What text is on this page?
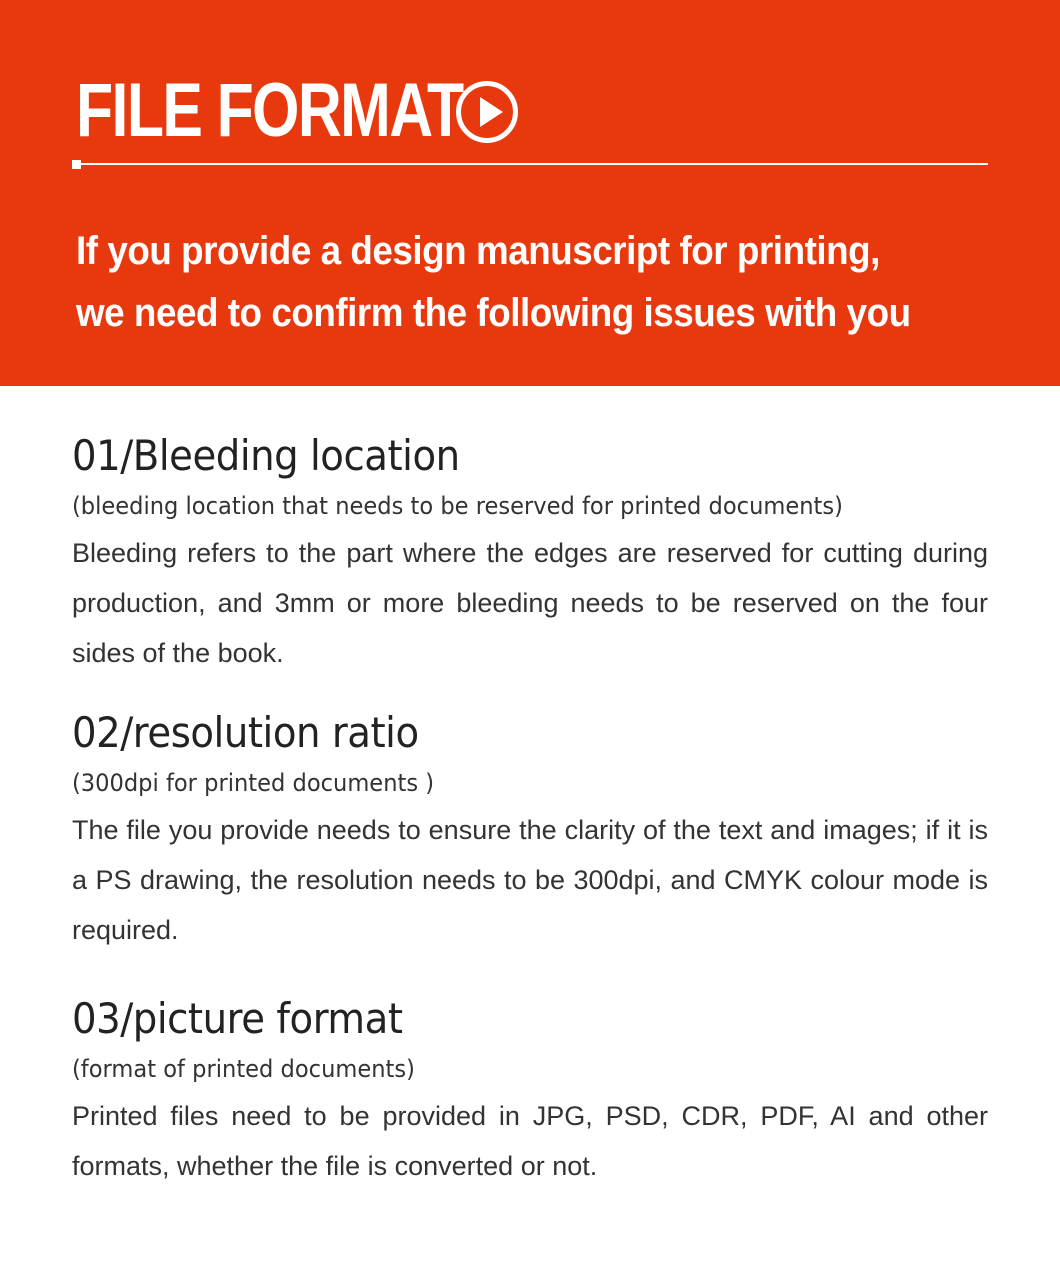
FILE FORMAT

If you provide a design manuscript for printing,
we need to confirm the following issues with you

01/Bleeding location

(bleeding location that needs to be reserved for printed documents)

Bleeding refers to the part where the edges are reserved for cutting during production, and 3mm or more bleeding needs to be reserved on the four sides of the book.

02/resolution ratio

(300dpi for printed documents )

The file you provide needs to ensure the clarity of the text and images; if it is a PS drawing, the resolution needs to be 300dpi, and CMYK colour mode is required.

03/picture format

(format of printed documents)

Printed files need to be provided in JPG, PSD, CDR, PDF, AI and other formats, whether the file is converted or not.
